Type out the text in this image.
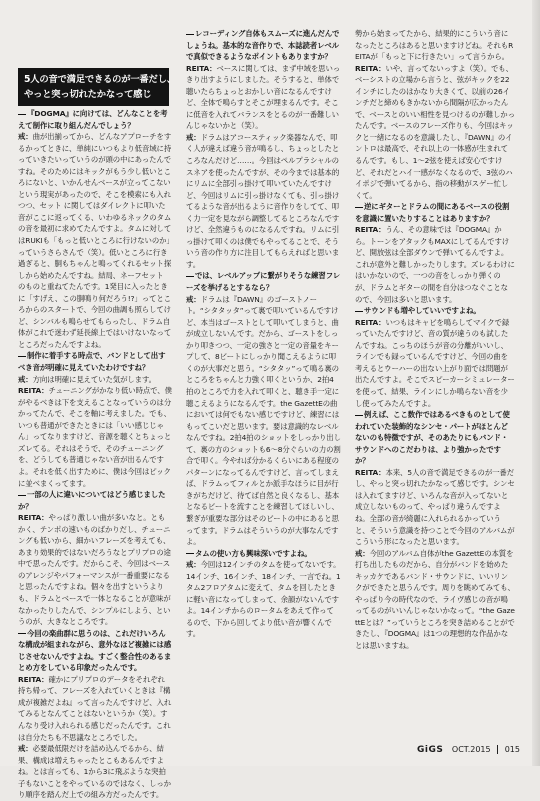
5人の音で満足できるのが一番だし、
やっと突っ切れたかなって感じ

『DOGMA』に向けては、どんなことを考えて制作に取り組んだんでしょう？

戒：曲が出揃ってから、どんなアプローチをするかってときに、単純にいつもより低音域に持っていきたいっていうのが頭の中にあったんですね。そのためにはキックがもう少し低いところにないと、いかんせんベースが立ってこないという現実があったので、そこを模索にも入れつつ、セット に関してはダイレクトに叩いた音がここに返ってくる、いわゆるネックのタムの音を最初に求めてたんですよ。タムに対してはRUKIも「もっと低いところに行けないのか」っていうさらさんで（笑）。低いところに行き過ぎると、胴もちゃんと鳴ってくれるセット探しから始めたんですね。結局、ネーフセット のものと重ねてたんです。1発目に入ったときに「すげえ、この胴鳴り何だろう!?」ってところからのスタートで、今回の曲調も照らしてけど、シンバルも鳴らせてもらったし、ドラム自体がこれで迷わず延長線上ではいけないなってところだったんですよね。

制作に着手する時点で、バンドとして出すべき音が明確に見えていたわけですね？

戒：方向は明確に見えていた気がします。

REITA：チューニングがかなり低い時点で、僕がやるべきは下を支えることなっていうのは分かってたんで、そこを軸に考えました。でも、いつも普通ができたときには「いい感じじゃん」ってなりますけど、音源を聴くとちょっとズレてる。それはそうで、そのチューニングを、どうしても普通じゃない音が出るんですよ。それを低く出すために、僕は今回はピックに並べまくってます。

一部の人に違いについてはどう感じましたか？

REITA：やっぱり激しい曲が多いなと。ともかく、テンポの速いものばかりだし、チューニングも低いから、細かいフレーズを考えても、あまり効果的ではないだろうなとプリプロの途中で思ったんです。だからこそ、今回はベースのアレンジやパフォーマンスが一番重要になると思ったんですよね。個々を出すというよりも、ドラムとベースで一体となることが意味がなかったりしたんで、シンプルにしよう、というのが、大きなところです。

今回の楽曲群に思うのは、これだけいろんな構成が組まれながら、意外なほど複雑には感じさせないんですよね。すごく整合性のあるまとめ方をしている印象だったんです。

REITA：確かにプリプロのデータをそれぞれ持ち帰って、フレーズを入れていくときは『構成が複雑だよね』って言ったんですけど、入れてみるとなんてことはないというか（笑）。すんなり受け入れられる感じだったんです。これは自分たちも不思議なところでした。

戒：必要最低限だけを詰め込んでるから、結果、構成は増えちゃったとこもあるんですよね。とは言っても、1から3に飛ぶような突拍子もないことをやっているのではなく、しっかり順序を踏んだ上での組み方だったんです。

レコーディング自体もスムーズに進んだんでしょうね。基本的な音作りで、本誌読者レベルで真似できるようなポイントもありますか？

REITA：ベースに関しては、まず中域を思いっきり出すようにしました。そうすると、単体で聴いたらちょっとおかしい音になるんですけど、全体で鳴らすとそこが埋まるんです。そこに低音を入れてバランスをとるのが一番難しいんじゃないかと（笑）。

戒：ドラムはアコースティック楽器なんで、叩く人が違えば違う音が鳴るし、ちょっとしたところなんだけど……。今回はペルプラシャルのスネアを使ったんですが、その今までは基本的にリムに全部引っ掛けて叩いていたんですけど、今回はリムに引っ掛けなくても、引っ掛けてるような音が出るように音作りをしてて、叩く力一定を見ながら調整してるところなんですけど、全然違うものになるんですね。リムに引っ掛けて叩くのは僕でもやってることで、そういう音の作り方に注目してもらえればと思います。

では、レベルアップに繋がりそうな練習フレーズを挙げるとするなら？

戒：ドラムは『DAWN』のゴーストノート。“シタタッタ”って裏で叩いているんですけど、本当はゴーストとして叩いてしまうと、曲が成立しないんです。だから、ゴーストをしっかり叩きつつ、一定の強さと一定の音量をキープして、8ビートにしっかり聞こえるように叩くのが大事だと思う。“シタタッ”って鳴る裏のところをちゃんと力強く叩くというか、2拍4拍のところで力を入れて叩くと、聴き手一定に聴こえるようになるんです。the GazettEの曲においては何でもない感じですけど、練習にはもってこいだと思います。要は意識的なレベルなんですね。2拍4拍のショットをしっかり出して、裏の方のショットも6〜8分ぐらいの力の割合で叩く。今やれば分かるくらいにある程度のパターンになってるんですけど、言ってしまえば、ドラムってフィルとか派手なほうに目が行きがちだけど、待てば自然と良くなるし、基本となるビートを流すことを練習してほしいし、繋ぎが重要な部分はそのビートの中にあると思ってます。ドラムはそういうのが大事なんですよ。

タムの使い方も興味深いですよね。

戒：今回は12インチのタムを使ってないです。14インチ、16インチ、18インチ、一言でね。1タム2フロアタムに変えて、タムを回したときに軽い音になってしまって、余韻がないんですよ。14インチからのロータムをあえて作ってるので、下から回してより低い音が響くんです。

勢から始まってたから、結果的にこういう音になったところはあると思いますけどね。それもREITAが「もっと下に行きたい」って言うから。

REITA：いや、言ってないっすよ（笑）。でも、ベーシストの立場から言うと、弦がキックを22インチにしたのはかなり大きくて、以前の26インチだと締めもきかないから間隔が広かったんで、ベースとのいい相性を見つけるのが難しかったんです。ベースのフレーズ作りも、今回はキックと一緒になるのを意識したし、『DAWN』のイントロは最高で、それ以上の一体感が生まれてるんです。もし、1～2弦を使えば安心ですけど、それだとハイ一感がなくなるので、3弦のハイポジで弾いてるから、指の移動がスゲー忙しくて。

逆にギターとドラムの間にあるベースの役割を意識に置いたりすることはありますか？

REITA：うん、その意味では『DOGMA』から。トーンをアタックもMAXにしてるんですけど、開放弦は全部ダウンで弾いてるんですよ。これが意外と難しかったりします。ズレるわけにはいかないので、一つの音をしっかり弾くのが、ドラムとギターの間を自分はつなぐことなので、今回は多いと思います。

サウンドも増やしていいですよね。

REITA：いつもはキャビを鳴らしてマイクで録っていたんですけど、音の質が違うのも試したんですね。こっちのほうが音の分離がいいし、ラインでも録っているんですけど、今回の曲を考えるとウーハーの出ない上がり面では問題が出たんですよ。そこでスピーカーシミュレーターを使って、結果、ラインにしか鳴らない音を少し使ってみたんですよ。

例えば、ここ数作ではあるべきものとして使われていた装飾的なシンセ・パートがほとんどないのも特徴ですが、そのあたりにもバンド・サウンドへのこだわりは、より強かったですか？

REITA：本来、5人の音で満足できるのが一番だし、やっと突っ切れたかなって感じです。シンセは入れてますけど、いろんな音が入ってないと成立しないものって、やっぱり違うんですよね。全部の音が綺麗に入れられるかっていうと、そういう意識を持つことで今回のアルバムがこういう形になったと思います。

戒：今回のアルバム自体がthe GazettEの本質を打ち出したものだから、自分がバンドを始めたキッカケであるバンド・サウンドに、いいリンクができたと思うんです。周りを眺めてみても、やっぱり今の時代なので、ライヴ感じの音が鳴ってるのがいいんじゃないかなって。“the GazettEとは？”っていうところを突き詰めることができたし、『DOGMA』は1つの理想的な作品かなとは思いますね。

GiGS OCT.2015 015
